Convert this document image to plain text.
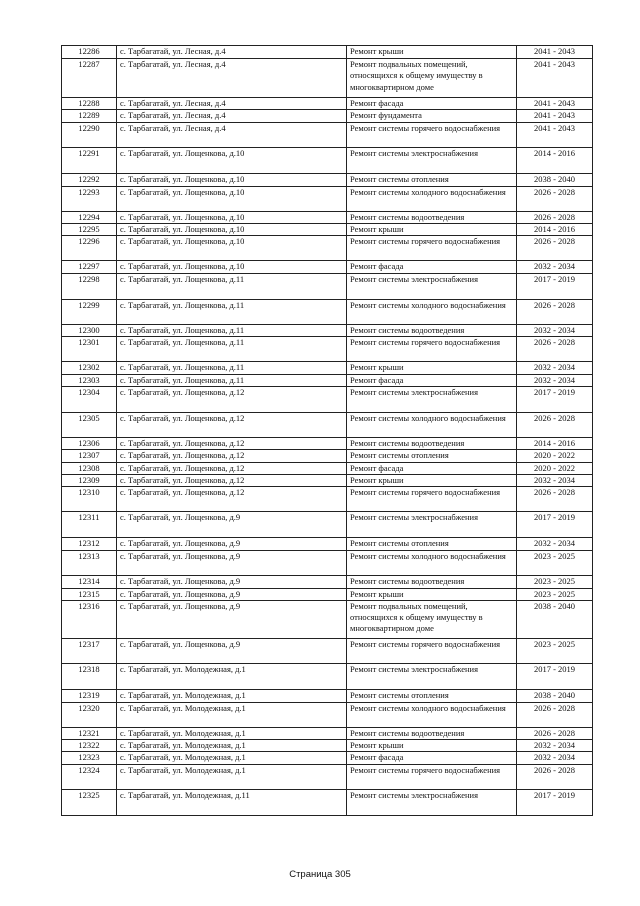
12286	с. Тарбагатай, ул. Лесная, д.4	Ремонт крыши	2041 - 2043
12287	с. Тарбагатай, ул. Лесная, д.4	Ремонт подвальных помещений, относящихся к общему имуществу в многоквартирном доме	2041 - 2043
12288	с. Тарбагатай, ул. Лесная, д.4	Ремонт фасада	2041 - 2043
12289	с. Тарбагатай, ул. Лесная, д.4	Ремонт фундамента	2041 - 2043
12290	с. Тарбагатай, ул. Лесная, д.4	Ремонт системы горячего водоснабжения	2041 - 2043
12291	с. Тарбагатай, ул. Лощенкова, д.10	Ремонт системы электроснабжения	2014 - 2016
12292	с. Тарбагатай, ул. Лощенкова, д.10	Ремонт системы отопления	2038 - 2040
12293	с. Тарбагатай, ул. Лощенкова, д.10	Ремонт системы холодного водоснабжения	2026 - 2028
12294	с. Тарбагатай, ул. Лощенкова, д.10	Ремонт системы водоотведения	2026 - 2028
12295	с. Тарбагатай, ул. Лощенкова, д.10	Ремонт крыши	2014 - 2016
12296	с. Тарбагатай, ул. Лощенкова, д.10	Ремонт системы горячего водоснабжения	2026 - 2028
12297	с. Тарбагатай, ул. Лощенкова, д.10	Ремонт фасада	2032 - 2034
12298	с. Тарбагатай, ул. Лощенкова, д.11	Ремонт системы электроснабжения	2017 - 2019
12299	с. Тарбагатай, ул. Лощенкова, д.11	Ремонт системы холодного водоснабжения	2026 - 2028
12300	с. Тарбагатай, ул. Лощенкова, д.11	Ремонт системы водоотведения	2032 - 2034
12301	с. Тарбагатай, ул. Лощенкова, д.11	Ремонт системы горячего водоснабжения	2026 - 2028
12302	с. Тарбагатай, ул. Лощенкова, д.11	Ремонт крыши	2032 - 2034
12303	с. Тарбагатай, ул. Лощенкова, д.11	Ремонт фасада	2032 - 2034
12304	с. Тарбагатай, ул. Лощенкова, д.12	Ремонт системы электроснабжения	2017 - 2019
12305	с. Тарбагатай, ул. Лощенкова, д.12	Ремонт системы холодного водоснабжения	2026 - 2028
12306	с. Тарбагатай, ул. Лощенкова, д.12	Ремонт системы водоотведения	2014 - 2016
12307	с. Тарбагатай, ул. Лощенкова, д.12	Ремонт системы отопления	2020 - 2022
12308	с. Тарбагатай, ул. Лощенкова, д.12	Ремонт фасада	2020 - 2022
12309	с. Тарбагатай, ул. Лощенкова, д.12	Ремонт крыши	2032 - 2034
12310	с. Тарбагатай, ул. Лощенкова, д.12	Ремонт системы горячего водоснабжения	2026 - 2028
12311	с. Тарбагатай, ул. Лощенкова, д.9	Ремонт системы электроснабжения	2017 - 2019
12312	с. Тарбагатай, ул. Лощенкова, д.9	Ремонт системы отопления	2032 - 2034
12313	с. Тарбагатай, ул. Лощенкова, д.9	Ремонт системы холодного водоснабжения	2023 - 2025
12314	с. Тарбагатай, ул. Лощенкова, д.9	Ремонт системы водоотведения	2023 - 2025
12315	с. Тарбагатай, ул. Лощенкова, д.9	Ремонт крыши	2023 - 2025
12316	с. Тарбагатай, ул. Лощенкова, д.9	Ремонт подвальных помещений, относящихся к общему имуществу в многоквартирном доме	2038 - 2040
12317	с. Тарбагатай, ул. Лощенкова, д.9	Ремонт системы горячего водоснабжения	2023 - 2025
12318	с. Тарбагатай, ул. Молодежная, д.1	Ремонт системы электроснабжения	2017 - 2019
12319	с. Тарбагатай, ул. Молодежная, д.1	Ремонт системы отопления	2038 - 2040
12320	с. Тарбагатай, ул. Молодежная, д.1	Ремонт системы холодного водоснабжения	2026 - 2028
12321	с. Тарбагатай, ул. Молодежная, д.1	Ремонт системы водоотведения	2026 - 2028
12322	с. Тарбагатай, ул. Молодежная, д.1	Ремонт крыши	2032 - 2034
12323	с. Тарбагатай, ул. Молодежная, д.1	Ремонт фасада	2032 - 2034
12324	с. Тарбагатай, ул. Молодежная, д.1	Ремонт системы горячего водоснабжения	2026 - 2028
12325	с. Тарбагатай, ул. Молодежная, д.11	Ремонт системы электроснабжения	2017 - 2019
Страница 305
